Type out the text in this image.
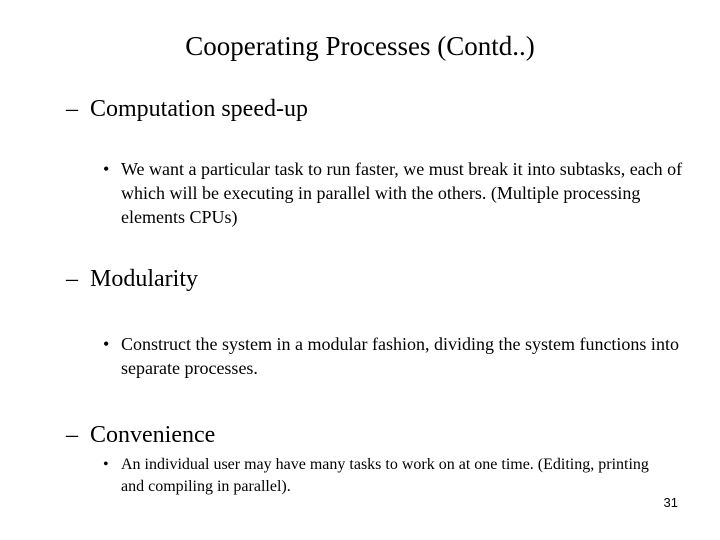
Cooperating Processes (Contd..)
– Computation speed-up
• We want a particular task to run faster, we must break it into subtasks, each of which will be executing in parallel with the others. (Multiple processing elements CPUs)
– Modularity
• Construct the system in a modular fashion, dividing the system functions into separate processes.
– Convenience
• An individual user may have many tasks to work on at one time. (Editing, printing and compiling in parallel).
31
